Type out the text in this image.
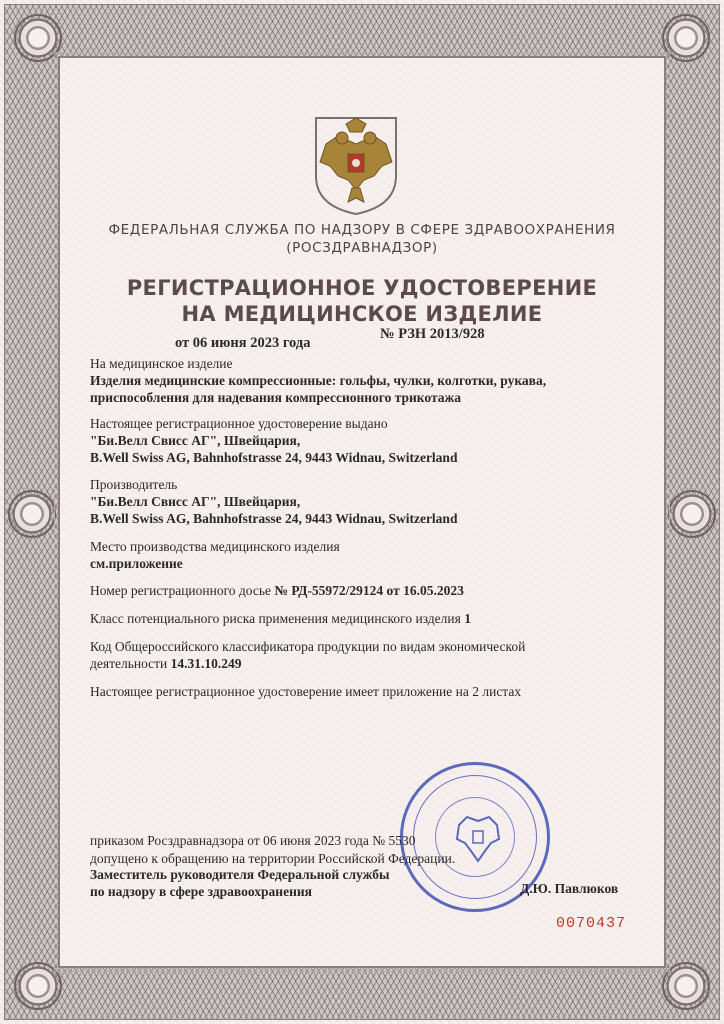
ФЕДЕРАЛЬНАЯ СЛУЖБА ПО НАДЗОРУ В СФЕРЕ ЗДРАВООХРАНЕНИЯ
(РОСЗДРАВНАДЗОР)
РЕГИСТРАЦИОННОЕ УДОСТОВЕРЕНИЕ
НА МЕДИЦИНСКОЕ ИЗДЕЛИЕ
от 06 июня 2023 года
№ РЗН 2013/928
На медицинское изделие
Изделия медицинские компрессионные: гольфы, чулки, колготки, рукава,
приспособления для надевания компрессионного трикотажа
Настоящее регистрационное удостоверение выдано
"Би.Велл Свисс АГ", Швейцария,
B.Well Swiss AG, Bahnhofstrasse 24, 9443 Widnau, Switzerland
Производитель
"Би.Велл Свисс АГ", Швейцария,
B.Well Swiss AG, Bahnhofstrasse 24, 9443 Widnau, Switzerland
Место производства медицинского изделия
см.приложение
Номер регистрационного досье № РД-55972/29124 от 16.05.2023
Класс потенциального риска применения медицинского изделия 1
Код Общероссийского классификатора продукции по видам экономической
деятельности 14.31.10.249
Настоящее регистрационное удостоверение имеет приложение на 2 листах
приказом Росздравнадзора от 06 июня 2023 года № 5530
допущено к обращению на территории Российской Федерации.
Заместитель руководителя Федеральной службы
по надзору в сфере здравоохранения	Д.Ю. Павлюков
0070437
